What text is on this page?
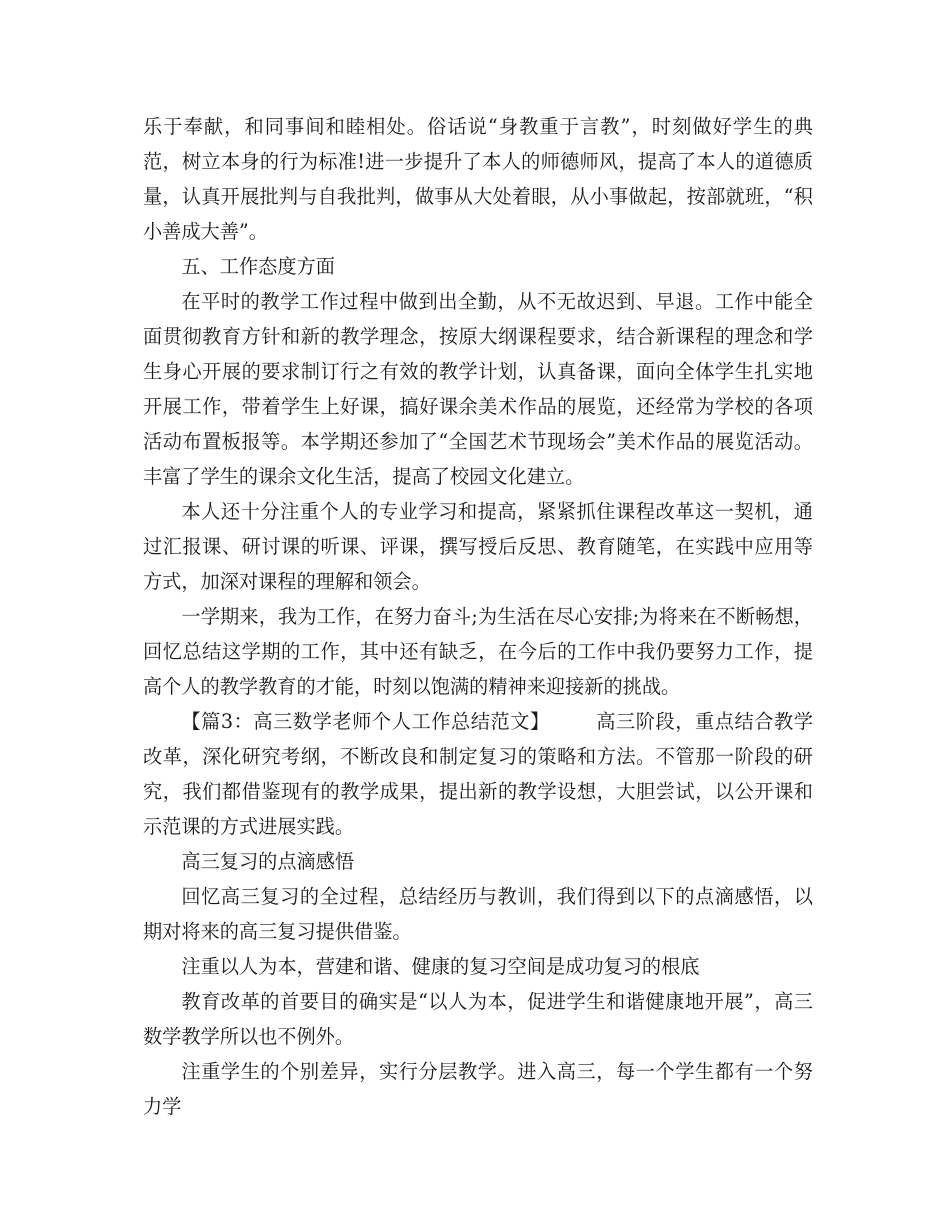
乐于奉献，和同事间和睦相处。俗话说“身教重于言教”，时刻做好学生的典范，树立本身的行为标准!进一步提升了本人的师德师风，提高了本人的道德质量，认真开展批判与自我批判，做事从大处着眼，从小事做起，按部就班，“积小善成大善”。

五、工作态度方面

在平时的教学工作过程中做到出全勤，从不无故迟到、早退。工作中能全面贯彻教育方针和新的教学理念，按原大纲课程要求，结合新课程的理念和学生身心开展的要求制订行之有效的教学计划，认真备课，面向全体学生扎实地开展工作，带着学生上好课，搞好课余美术作品的展览，还经常为学校的各项活动布置板报等。本学期还参加了“全国艺术节现场会”美术作品的展览活动。丰富了学生的课余文化生活，提高了校园文化建立。

本人还十分注重个人的专业学习和提高，紧紧抓住课程改革这一契机，通过汇报课、研讨课的听课、评课，撰写授后反思、教育随笔，在实践中应用等方式，加深对课程的理解和领会。

一学期来，我为工作，在努力奋斗;为生活在尽心安排;为将来在不断畅想，回忆总结这学期的工作，其中还有缺乏，在今后的工作中我仍要努力工作，提高个人的教学教育的才能，时刻以饱满的精神来迎接新的挑战。

【篇3：高三数学老师个人工作总结范文】 高三阶段，重点结合教学改革，深化研究考纲，不断改良和制定复习的策略和方法。不管那一阶段的研究，我们都借鉴现有的教学成果，提出新的教学设想，大胆尝试，以公开课和示范课的方式进展实践。

高三复习的点滴感悟

回忆高三复习的全过程，总结经历与教训，我们得到以下的点滴感悟，以期对将来的高三复习提供借鉴。

注重以人为本，营建和谐、健康的复习空间是成功复习的根底

教育改革的首要目的确实是“以人为本，促进学生和谐健康地开展”，高三数学教学所以也不例外。

注重学生的个别差异，实行分层教学。进入高三，每一个学生都有一个努力学
